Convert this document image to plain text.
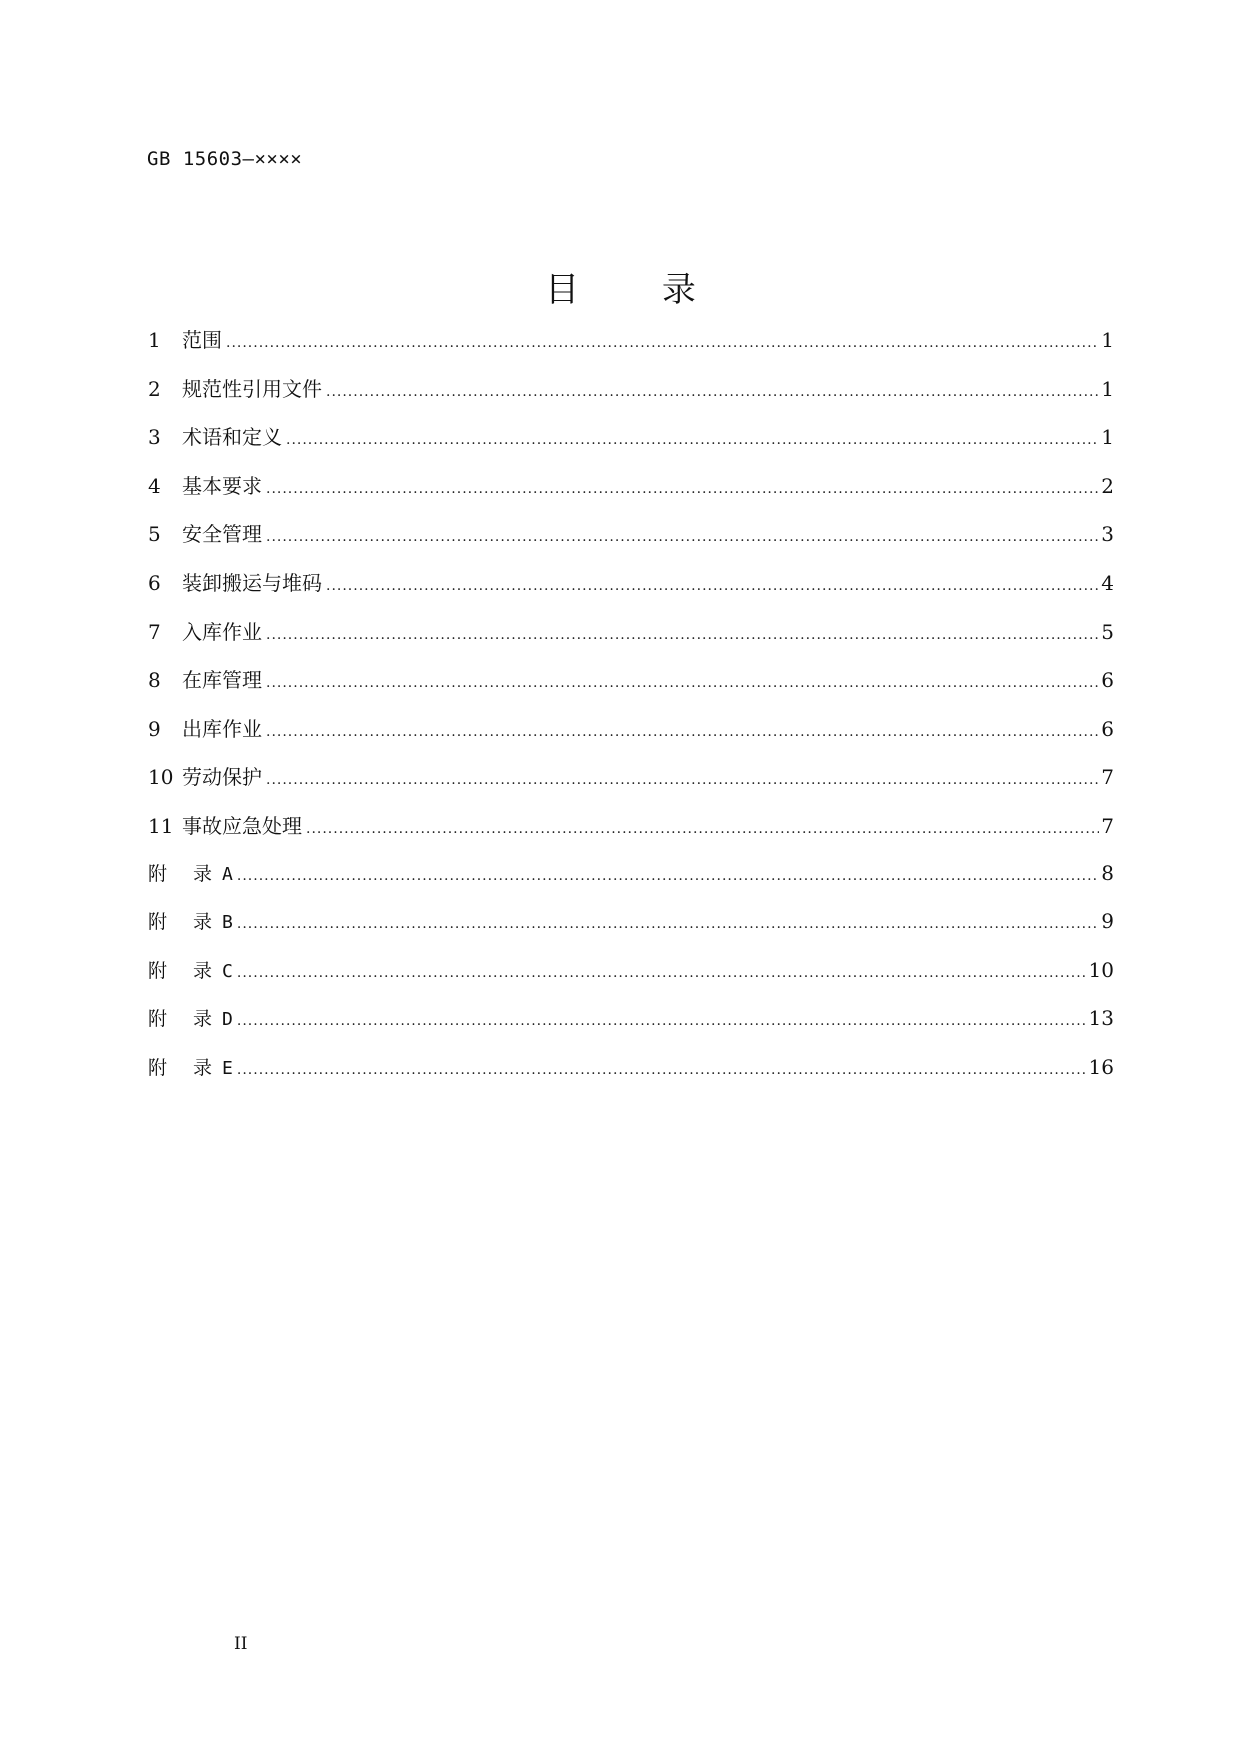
GB 15603—××××
目 录
1	范围 .....	1
2	规范性引用文件 .....	1
3	术语和定义 .....	1
4	基本要求 .....	2
5	安全管理 .....	3
6	装卸搬运与堆码 .....	4
7	入库作业 .....	5
8	在库管理 .....	6
9	出库作业 .....	6
10 劳动保护 .....	7
11 事故应急处理 .....	7
附 录 A .....	8
附 录 B .....	9
附 录 C .....	10
附 录 D .....	13
附 录 E .....	16
II
